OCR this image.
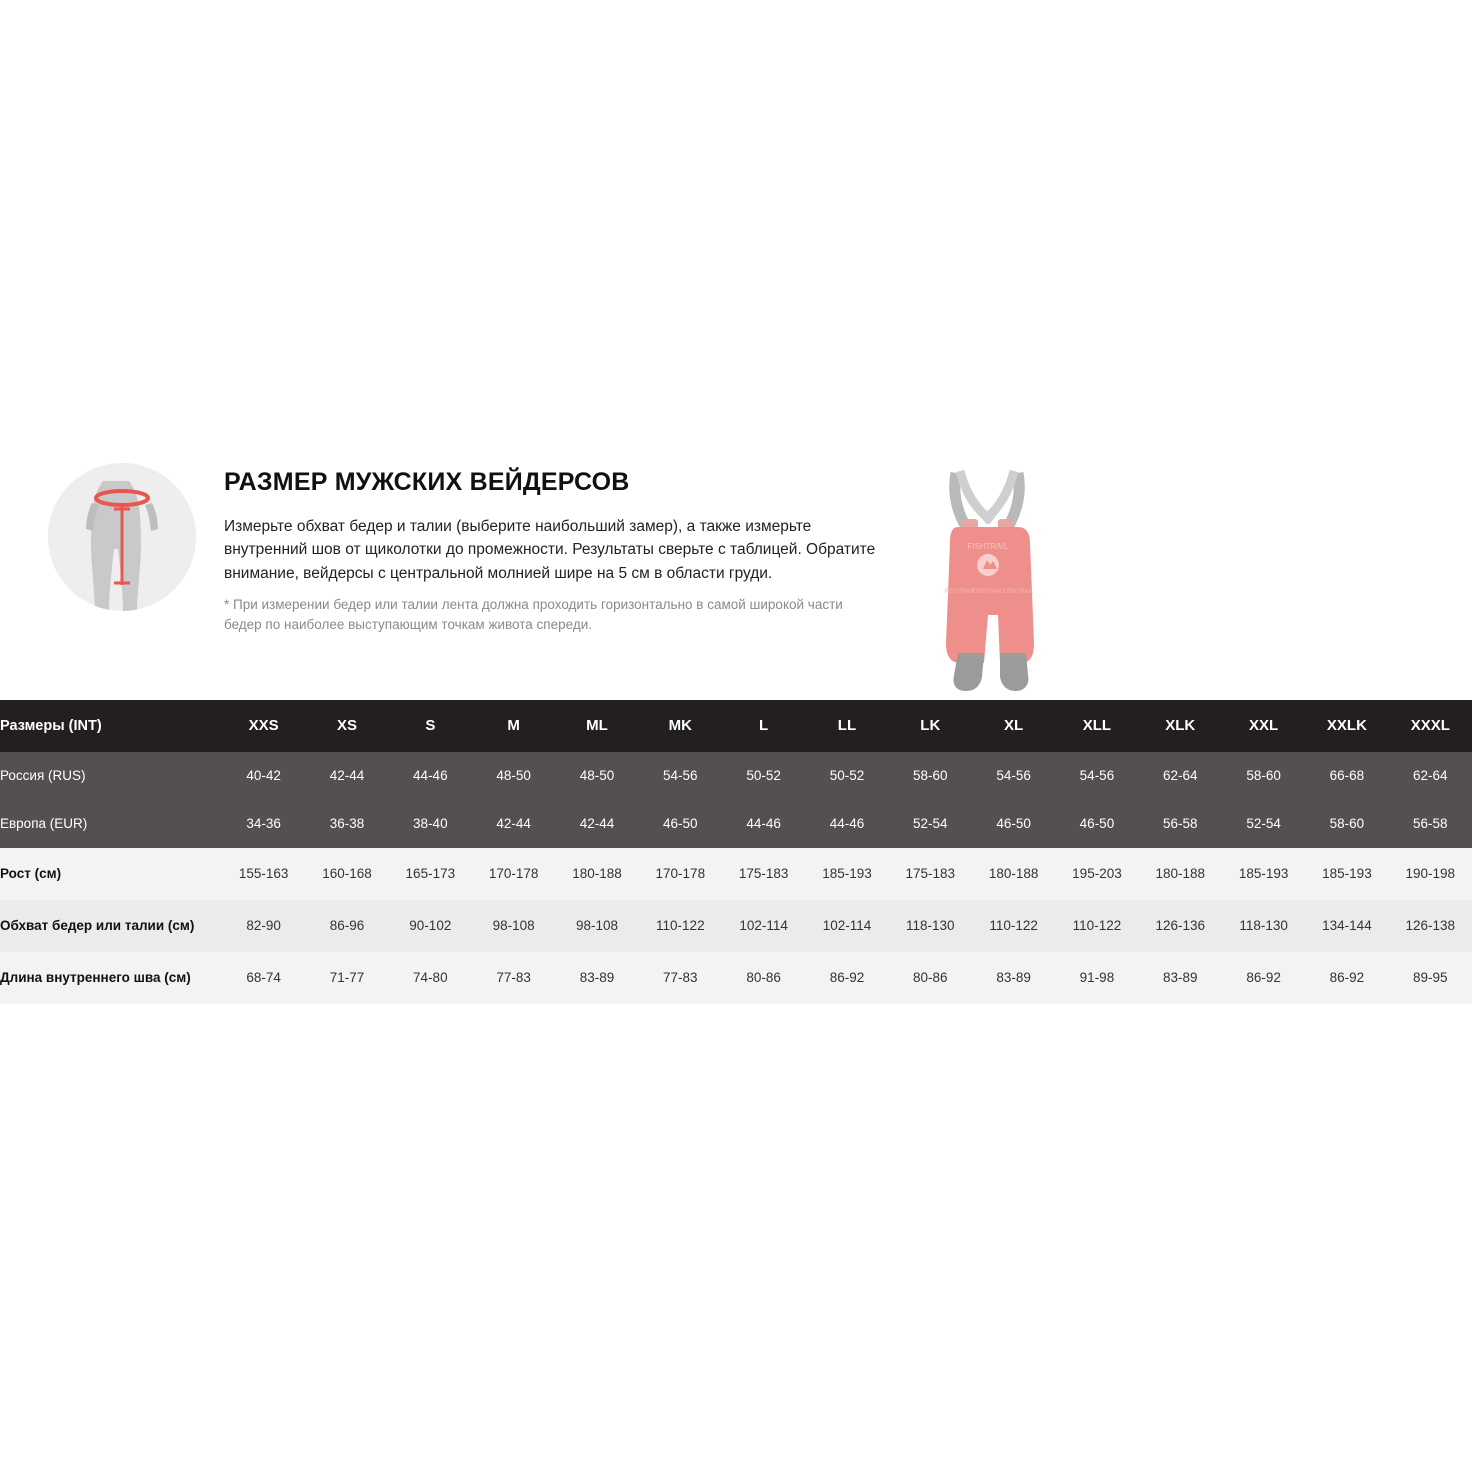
РАЗМЕР МУЖСКИХ ВЕЙДЕРСОВ

Измерьте обхват бедер и талии (выберите наибольший замер), а также измерьте внутренний шов от щиколотки до промежности. Результаты сверьте с таблицей. Обратите внимание, вейдерсы с центральной молнией шире на 5 см в области груди.

* При измерении бедер или талии лента должна проходить горизонтально в самой широкой части бедер по наиболее выступающим точкам живота спереди.

FISHTRAIL
FISHTRAIL
FISHTRAIL FISHTRAIL
Размеры (INT)	XXS	XS	S	M	ML	MK	L	LL	LK	XL	XLL	XLK	XXL	XXLK	XXXL
Россия (RUS)	40-42	42-44	44-46	48-50	48-50	54-56	50-52	50-52	58-60	54-56	54-56	62-64	58-60	66-68	62-64
Европа (EUR)	34-36	36-38	38-40	42-44	42-44	46-50	44-46	44-46	52-54	46-50	46-50	56-58	52-54	58-60	56-58
Рост (см)	155-163	160-168	165-173	170-178	180-188	170-178	175-183	185-193	175-183	180-188	195-203	180-188	185-193	185-193	190-198
Обхват бедер или талии (см)	82-90	86-96	90-102	98-108	98-108	110-122	102-114	102-114	118-130	110-122	110-122	126-136	118-130	134-144	126-138
Длина внутреннего шва (см)	68-74	71-77	74-80	77-83	83-89	77-83	80-86	86-92	80-86	83-89	91-98	83-89	86-92	86-92	89-95
